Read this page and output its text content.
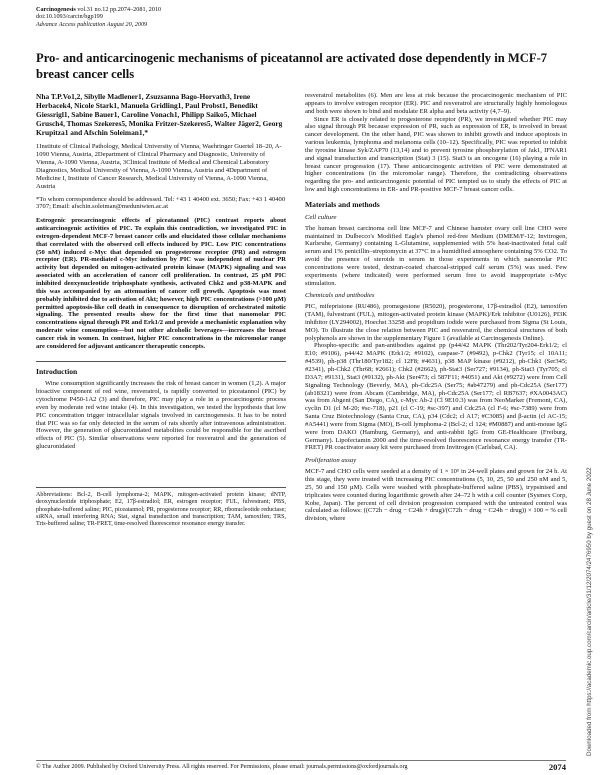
Carcinogenesis vol.31 no.12 pp.2074–2081, 2010
doi:10.1093/carcin/bgp199
Advance Access publication August 20, 2009
Pro- and anticarcinogenic mechanisms of piceatannol are activated dose dependently in MCF-7 breast cancer cells
Nha T.P.Vo1,2, Sibylle Madlener1, Zsuzsanna Bago-Horvath3, Irene Herbacek4, Nicole Stark1, Manuela Gridling1, Paul Probst1, Benedikt Giessrigl1, Sabine Bauer1, Caroline Vonach1, Philipp Saiko5, Michael Grusch4, Thomas Szekeres5, Monika Fritzer-Szekeres5, Walter Jäger2, Georg Krupitza1 and Afschin Soleiman1,*
1Institute of Clinical Pathology, Medical University of Vienna, Waehringer Guertel 18–20, A-1090 Vienna, Austria, 2Department of Clinical Pharmacy and Diagnostic, University of Vienna, A-1090 Vienna, Austria, 3Clinical Institute of Medical and Chemical Laboratory Diagnostics, Medical University of Vienna, A-1090 Vienna, Austria and 4Department of Medicine I, Institute of Cancer Research, Medical University of Vienna, A-1090 Vienna, Austria
*To whom correspondence should be addressed. Tel: +43 1 40400 ext. 3650; Fax: +43 1 40400 3707; Email: afschin.soleiman@meduniwien.ac.at

Estrogenic procarcinogenic effects of piceatannol (PIC) contrast reports about anticarcinogenic activities of PIC. To explain this contradiction, we investigated PIC in estrogen-dependent MCF-7 breast cancer cells and elucidated those cellular mechanisms that correlated with the observed cell effects induced by PIC. Low PIC concentrations (50 nM) induced c-Myc that depended on progesterone receptor (PR) and estrogen receptor (ER). PR-mediated c-Myc induction by PIC was independent of nuclear PR activity but depended on mitogen-activated protein kinase (MAPK) signaling and was associated with an acceleration of cancer cell proliferation. In contrast, 25 µM PIC inhibited deoxynucleotide triphosphate synthesis, activated Chk2 and p38-MAPK and this was accompanied by an attenuation of cancer cell growth. Apoptosis was most probably inhibited due to activation of Akt; however, high PIC concentrations (>100 µM) permitted apoptosis-like cell death in consequence to disruption of orchestrated mitotic signaling. The presented results show for the first time that nanomolar PIC concentrations signal through PR and Erk1/2 and provide a mechanistic explanation why moderate wine consumption—but not other alcoholic beverages—increases the breast cancer risk in women. In contrast, higher PIC concentrations in the micromolar range are considered for adjuvant anticancer therapeutic concepts.

Introduction

Wine consumption significantly increases the risk of breast cancer in women (1,2). A major bioactive component of red wine, resveratrol, is rapidly converted to piceatannol (PIC) by cytochrome P450-1A2 (3) and therefore, PIC may play a role in a procarcinogenic process even by moderate red wine intake (4). In this investigation, we tested the hypothesis that low PIC concentration trigger intracellular signals involved in carcinogenesis. It has to be noted that PIC was so far only detected in the serum of rats shortly after intravenous administration. However, the generation of glucuronidated metabolites could be responsible for the ascribed effects of PIC (5). Similar observations were reported for resveratrol and the generation of glucuronidated

Abbreviations: Bcl-2, B-cell lymphoma-2; MAPK, mitogen-activated protein kinase; dNTP, deoxynucleotide triphosphate; E2, 17β-estradiol; ER, estrogen receptor; FUL, fulvestrant; PBS, phosphate-buffered saline; PIC, piceatannol; PR, progesterone receptor; RR, ribonucleotide reductase; siRNA, small interfering RNA; Stat, signal transduction and transcription; TAM, tamoxifen; TRS, Tris-buffered saline; TR-FRET, time-resolved fluorescence resonance energy transfer.

resveratrol metabolites (6). Men are less at risk because the procarcinogenic mechanism of PIC appears to involve estrogen receptor (ER). PIC and resveratrol are structurally highly homologous and both were shown to bind and modulate ER alpha and beta activity (4,7–9).

Since ER is closely related to progesterone receptor (PR), we investigated whether PIC may also signal through PR because expression of PR, such as expression of ER, is involved in breast cancer development. On the other hand, PIC was shown to inhibit growth and induce apoptosis in various leukemia, lymphoma and melanoma cells (10–12). Specifically, PIC was reported to inhibit the tyrosine kinase Syk/ZAP70 (13,14) and to prevent tyrosine phosphorylation of Jak1, IFNAR1 and signal transduction and transcription (Stat) 3 (15). Stat3 is an oncogene (16) playing a role in breast cancer progression (17). These anticarcinogenic activities of PIC were demonstrated at higher concentrations (in the micromolar range). Therefore, the contradicting observations regarding the pro- and anticarcinogenic potential of PIC tempted us to study the effects of PIC at low and high concentrations in ER- and PR-positive MCF-7 breast cancer cells.

Materials and methods
Cell culture

The human breast carcinoma cell line MCF-7 and Chinese hamster ovary cell line CHO were maintained in Dulbecco's Modified Eagle's phenol red-free Medium (DMEM/F-12; Invitrogen, Karlsruhe, Germany) containing L-Glutamine, supplemented with 5% heat-inactivated fetal calf serum and 1% penicillin–streptomycin at 37°C in a humidified atmosphere containing 5% CO2. To avoid the presence of steroids in serum in those experiments in which nanomolar PIC concentrations were tested, dextran-coated charcoal-stripped calf serum (5%) was used. Few experiments (where indicated) were performed serum free to avoid inappropriate c-Myc stimulation.

Chemicals and antibodies

PIC, mifepristone (RU486), promegestone (R5020), progesterone, 17β-estradiol (E2), tamoxifen (TAM), fulvestrant (FUL), mitogen-activated protein kinase (MAPK)/Erk inhibitor (U0126), PI3K inhibitor (LY294002), Hoechst 33258 and propidium iodide were purchased from Sigma (St Louis, MO). To illustrate the close relation between PIC and resveratrol, the chemical structures of both polyphenols are shown in the supplementary Figure 1 (available at Carcinogenesis Online).

Phospho-specific and pan-antibodies against pp (p44/42 MAPK (Thr202/Tyr204-Erk1/2; cl E10; #9106), p44/42 MAPK (Erk1/2; #9102), caspase-7 (#9492), p-Chk2 (Tyr15; cl 10A11; #4539), ph-p38 (Thr180/Tyr182; cl 12F8; #4631), p38 MAP kinase (#9212), ph-Chk1 (Ser345; #2341), ph-Chk2 (Thr68; #2661); Chk2 (#2662), ph-Stat3 (Ser727; #9134), ph-Stat3 (Tyr705; cl D3A7; #9131), Stat3 (#9132), ph-Akt (Ser473; cl 587F11; #4051) and Akt (#9272) were from Cell Signaling Technology (Beverly, MA), ph-Cdc25A (Ser75; #ab47279) and ph-Cdc25A (Ser177) (ab18321) were from Abcam (Cambridge, MA), ph-Cdc25A (Ser177; cl RB7637; #XA0043AC) was from Abgent (San Diego, CA), c-Myc Ab-2 (Cl 9E10.3) was from NeoMarker (Fremont, CA), cyclin D1 (cl M-20; #sc-718), p21 (cl C-19; #sc-397) and Cdc25A (cl F-6; #sc-7389) were from Santa Cruz Biotechnology (Santa Cruz, CA), p34 (Cdc2; cl A17; #C3085) and β-actin (cl AC-15; #A5441) were from Sigma (MO), B-cell lymphoma-2 (Bcl-2; cl 124; #M0887) and anti-mouse IgG were from DAKO (Hamburg, Germany), and anti-rabbit IgG from GE-Healthcare (Freiburg, Germany). Lipofectamin 2000 and the time-resolved fluorescence resonance energy transfer (TR-FRET) PR coactivator assay kit were purchased from Invitrogen (Carlsbad, CA).

Proliferation assay

MCF-7 and CHO cells were seeded at a density of 1 × 10⁵ in 24-well plates and grown for 24 h. At this stage, they were treated with increasing PIC concentrations (5, 10, 25, 50 and 250 nM and 5, 25, 50 and 150 µM). Cells were washed with phosphate-buffered saline (PBS), trypsinised and triplicates were counted during logarithmic growth after 24–72 h with a cell counter (Sysmex Corp, Kobe, Japan). The percent of cell division progression compared with the untreated control was calculated as follows: ((C72h − drug − C24h + drug)/(C72h − drug − C24h − drug)) × 100 = % cell division, where

© The Author 2009. Published by Oxford University Press. All rights reserved. For Permissions, please email: journals.permissions@oxfordjournals.org	2074
Downloaded from https://academic.oup.com/carcin/article/31/12/2074/2476950 by guest on 28 June 2022
